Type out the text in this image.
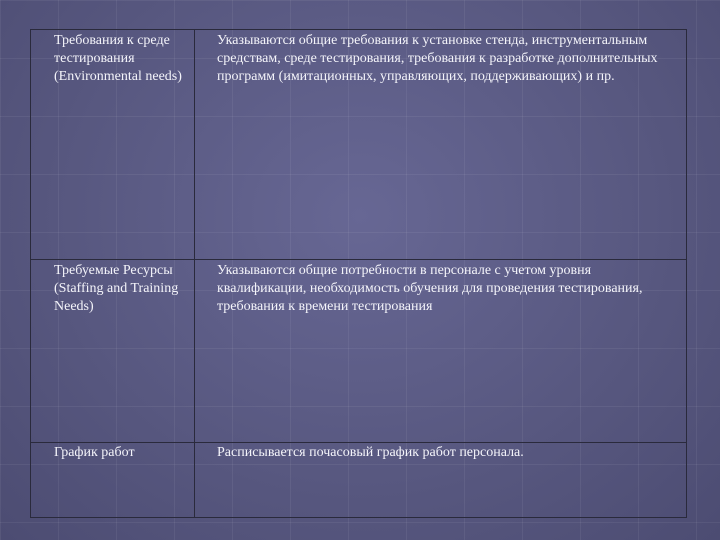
Требования к среде тестирования (Environmental needs)	Указываются общие требования к установке стенда, инструментальным средствам, среде тестирования, требования к разработке дополнительных программ (имитационных, управляющих, поддерживающих) и пр.
Требуемые Ресурсы (Staffing and Training Needs)	Указываются общие потребности в персонале с учетом уровня квалификации, необходимость обучения для проведения тестирования, требования к времени тестирования
График работ	Расписывается почасовый график работ персонала.
